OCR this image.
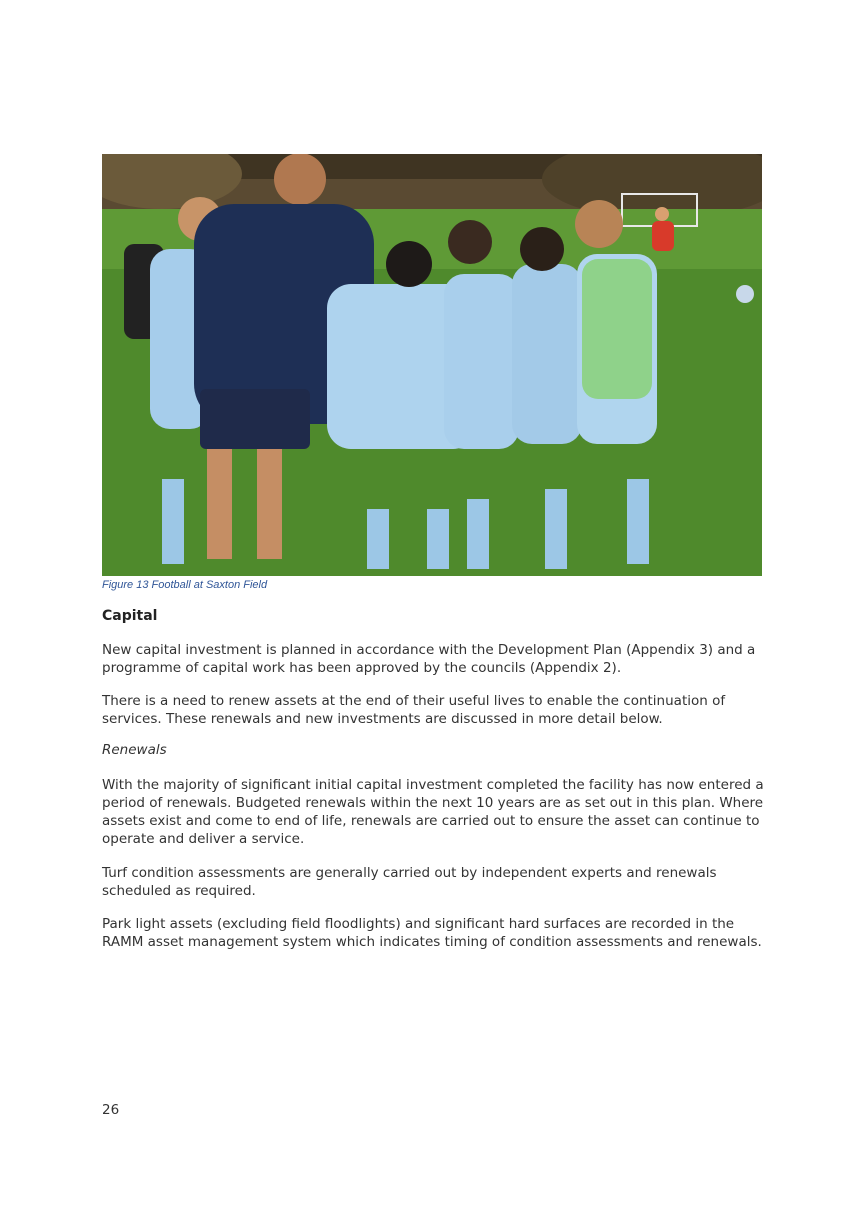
Figure 13 Football at Saxton Field
Capital

New capital investment is planned in accordance with the Development Plan (Appendix 3) and a programme of capital work has been approved by the councils (Appendix 2).

There is a need to renew assets at the end of their useful lives to enable the continuation of services. These renewals and new investments are discussed in more detail below.

Renewals

With the majority of significant initial capital investment completed the facility has now entered a period of renewals. Budgeted renewals within the next 10 years are as set out in this plan. Where assets exist and come to end of life, renewals are carried out to ensure the asset can continue to operate and deliver a service.

Turf condition assessments are generally carried out by independent experts and renewals scheduled as required.

Park light assets (excluding field floodlights) and significant hard surfaces are recorded in the RAMM asset management system which indicates timing of condition assessments and renewals.

26
